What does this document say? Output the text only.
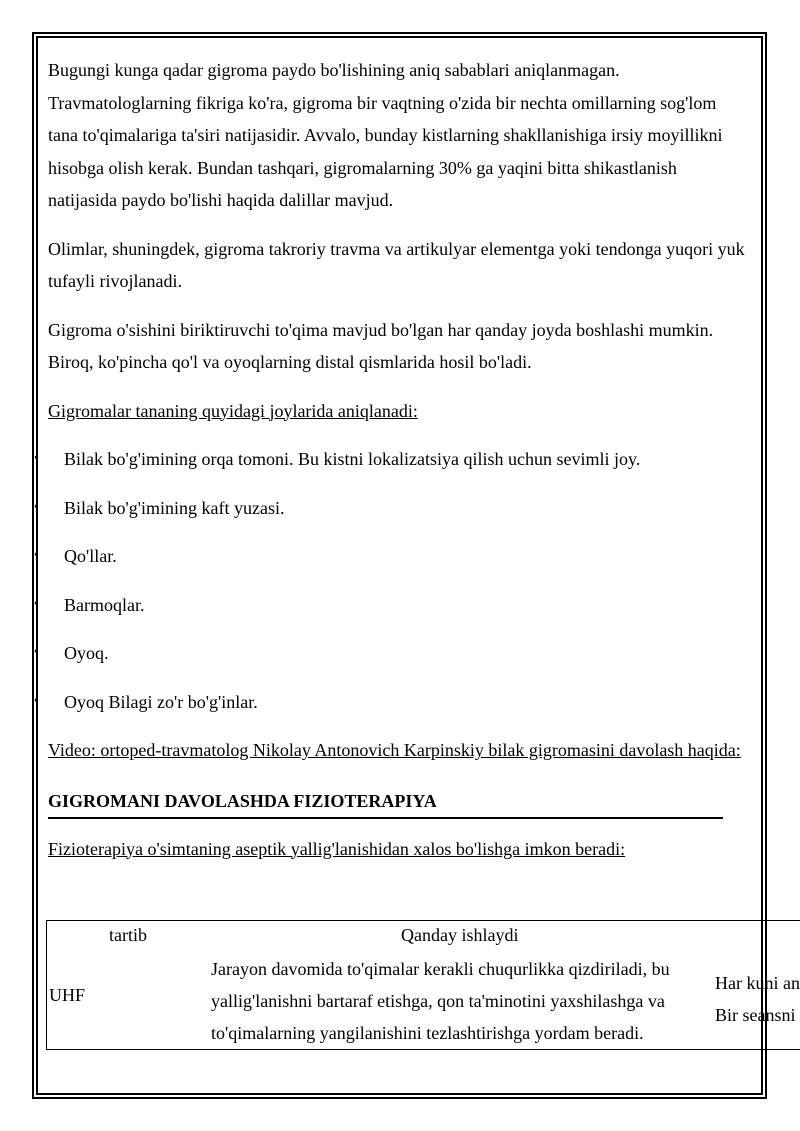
Bugungi kunga qadar gigroma paydo bo'lishining aniq sabablari aniqlanmagan. Travmatologlarning fikriga ko'ra, gigroma bir vaqtning o'zida bir nechta omillarning sog'lom tana to'qimalariga ta'siri natijasidir. Avvalo, bunday kistlarning shakllanishiga irsiy moyillikni hisobga olish kerak. Bundan tashqari, gigromalarning 30% ga yaqini bitta shikastlanish natijasida paydo bo'lishi haqida dalillar mavjud.

Olimlar, shuningdek, gigroma takroriy travma va artikulyar elementga yoki tendonga yuqori yuk tufayli rivojlanadi.

Gigroma o'sishini biriktiruvchi to'qima mavjud bo'lgan har qanday joyda boshlashi mumkin. Biroq, ko'pincha qo'l va oyoqlarning distal qismlarida hosil bo'ladi.

Gigromalar tananing quyidagi joylarida aniqlanadi:

• Bilak bo'g'imining orqa tomoni. Bu kistni lokalizatsiya qilish uchun sevimli joy.
• Bilak bo'g'imining kaft yuzasi.
• Qo'llar.
• Barmoqlar.
• Oyoq.
• Oyoq Bilagi zo'r bo'g'inlar.

Video: ortoped-travmatolog Nikolay Antonovich Karpinskiy bilak gigromasini davolash haqida:

GIGROMANI DAVOLASHDA FIZIOTERAPIYA

Fizioterapiya o'simtaning aseptik yallig'lanishidan xalos bo'lishga imkon beradi:

tartib	Qanday ishlaydi
UHF
Jarayon davomida to'qimalar kerakli chuqurlikka qizdiriladi, bu yallig'lanishni bartaraf etishga, qon ta'minotini yaxshilashga va to'qimalarning yangilanishini tezlashtirishga yordam beradi.
Har kuni an
Bir seansni
